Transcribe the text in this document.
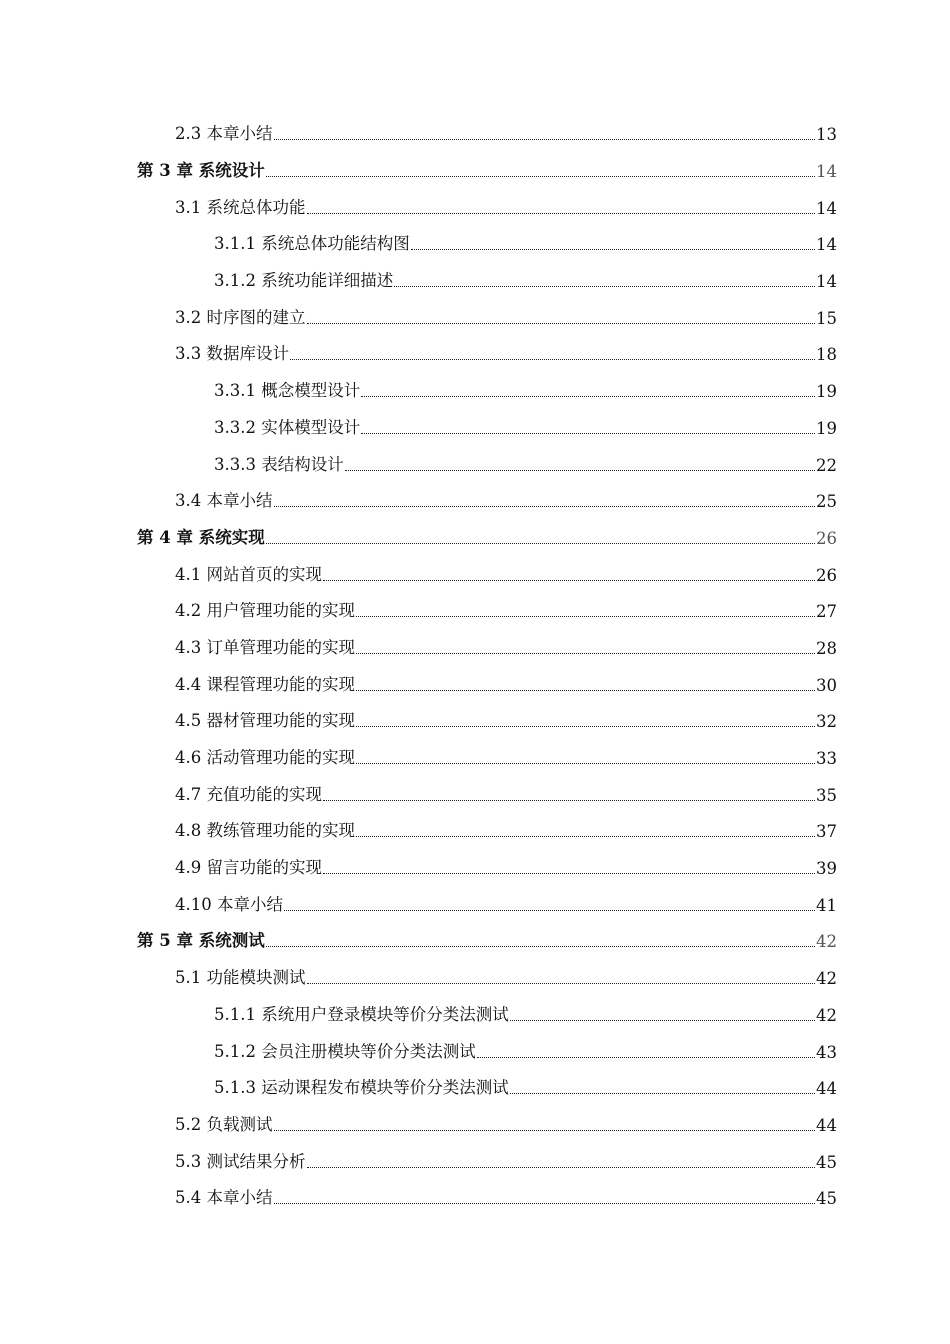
2.3 本章小结	13
第 3 章 系统设计	14
3.1 系统总体功能	14
3.1.1 系统总体功能结构图	14
3.1.2 系统功能详细描述	14
3.2 时序图的建立	15
3.3 数据库设计	18
3.3.1 概念模型设计	19
3.3.2 实体模型设计	19
3.3.3 表结构设计	22
3.4 本章小结	25
第 4 章 系统实现	26
4.1 网站首页的实现	26
4.2 用户管理功能的实现	27
4.3 订单管理功能的实现	28
4.4 课程管理功能的实现	30
4.5 器材管理功能的实现	32
4.6 活动管理功能的实现	33
4.7 充值功能的实现	35
4.8 教练管理功能的实现	37
4.9 留言功能的实现	39
4.10 本章小结	41
第 5 章 系统测试	42
5.1 功能模块测试	42
5.1.1 系统用户登录模块等价分类法测试	42
5.1.2 会员注册模块等价分类法测试	43
5.1.3 运动课程发布模块等价分类法测试	44
5.2 负载测试	44
5.3 测试结果分析	45
5.4 本章小结	45
